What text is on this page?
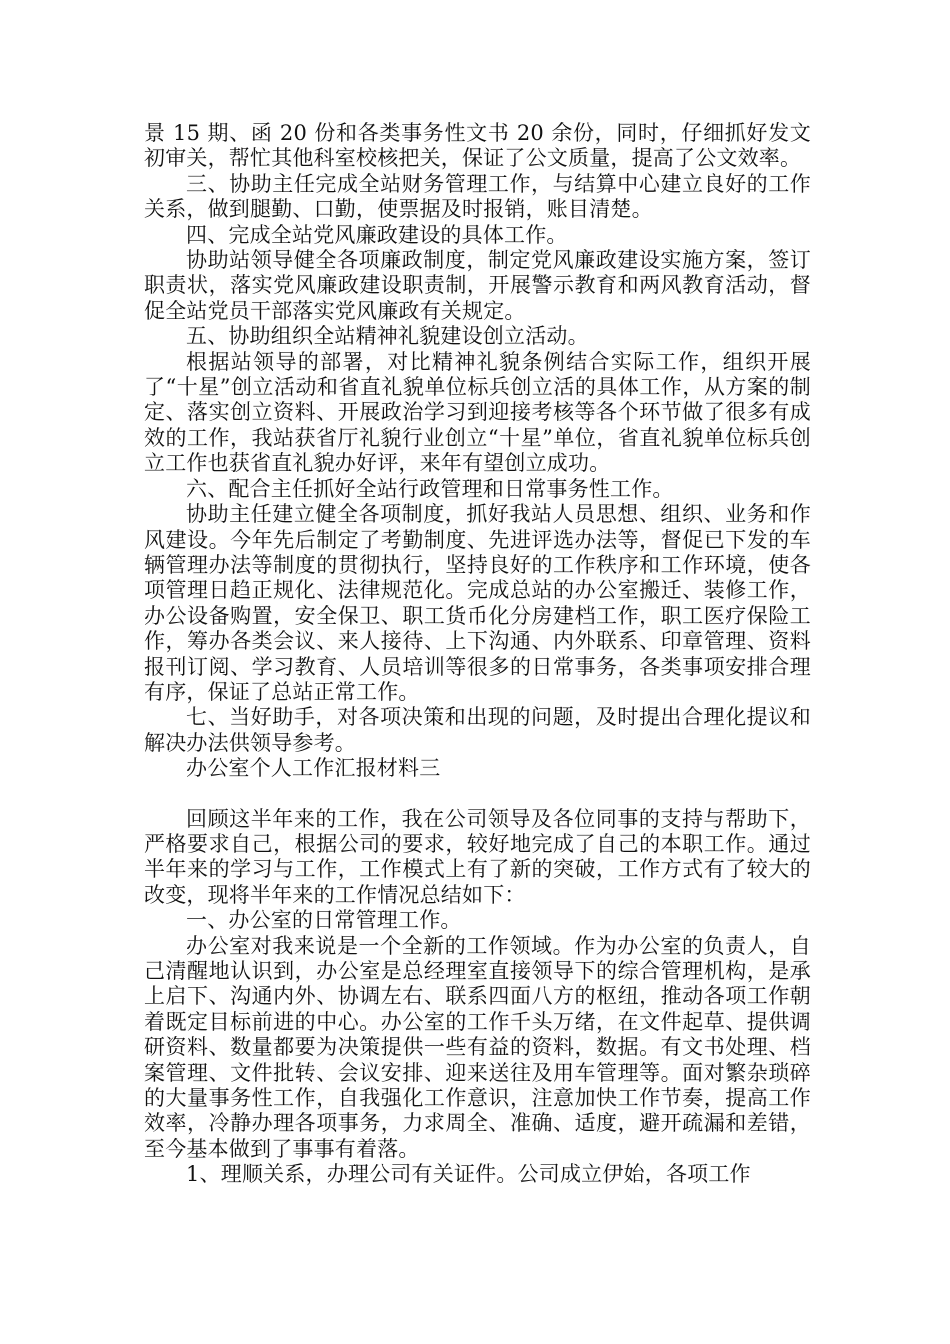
景 15 期、函 20 份和各类事务性文书 20 余份，同时，仔细抓好发文初审关，帮忙其他科室校核把关，保证了公文质量，提高了公文效率。

三、协助主任完成全站财务管理工作，与结算中心建立良好的工作关系，做到腿勤、口勤，使票据及时报销，账目清楚。

四、完成全站党风廉政建设的具体工作。

协助站领导健全各项廉政制度，制定党风廉政建设实施方案，签订职责状，落实党风廉政建设职责制，开展警示教育和两风教育活动，督促全站党员干部落实党风廉政有关规定。

五、协助组织全站精神礼貌建设创立活动。

根据站领导的部署，对比精神礼貌条例结合实际工作，组织开展了“十星”创立活动和省直礼貌单位标兵创立活的具体工作，从方案的制定、落实创立资料、开展政治学习到迎接考核等各个环节做了很多有成效的工作，我站获省厅礼貌行业创立“十星”单位，省直礼貌单位标兵创立工作也获省直礼貌办好评，来年有望创立成功。

六、配合主任抓好全站行政管理和日常事务性工作。

协助主任建立健全各项制度，抓好我站人员思想、组织、业务和作风建设。今年先后制定了考勤制度、先进评选办法等，督促已下发的车辆管理办法等制度的贯彻执行，坚持良好的工作秩序和工作环境，使各项管理日趋正规化、法律规范化。完成总站的办公室搬迁、装修工作，办公设备购置，安全保卫、职工货币化分房建档工作，职工医疗保险工作，筹办各类会议、来人接待、上下沟通、内外联系、印章管理、资料报刊订阅、学习教育、人员培训等很多的日常事务，各类事项安排合理有序，保证了总站正常工作。

七、当好助手，对各项决策和出现的问题，及时提出合理化提议和解决办法供领导参考。

办公室个人工作汇报材料三

回顾这半年来的工作，我在公司领导及各位同事的支持与帮助下，严格要求自己，根据公司的要求，较好地完成了自己的本职工作。通过半年来的学习与工作，工作模式上有了新的突破，工作方式有了较大的改变，现将半年来的工作情况总结如下：

一、办公室的日常管理工作。

办公室对我来说是一个全新的工作领域。作为办公室的负责人，自己清醒地认识到，办公室是总经理室直接领导下的综合管理机构，是承上启下、沟通内外、协调左右、联系四面八方的枢纽，推动各项工作朝着既定目标前进的中心。办公室的工作千头万绪，在文件起草、提供调研资料、数量都要为决策提供一些有益的资料，数据。有文书处理、档案管理、文件批转、会议安排、迎来送往及用车管理等。面对繁杂琐碎的大量事务性工作，自我强化工作意识，注意加快工作节奏，提高工作效率，冷静办理各项事务，力求周全、准确、适度，避开疏漏和差错，至今基本做到了事事有着落。

1、理顺关系，办理公司有关证件。公司成立伊始，各项工作
